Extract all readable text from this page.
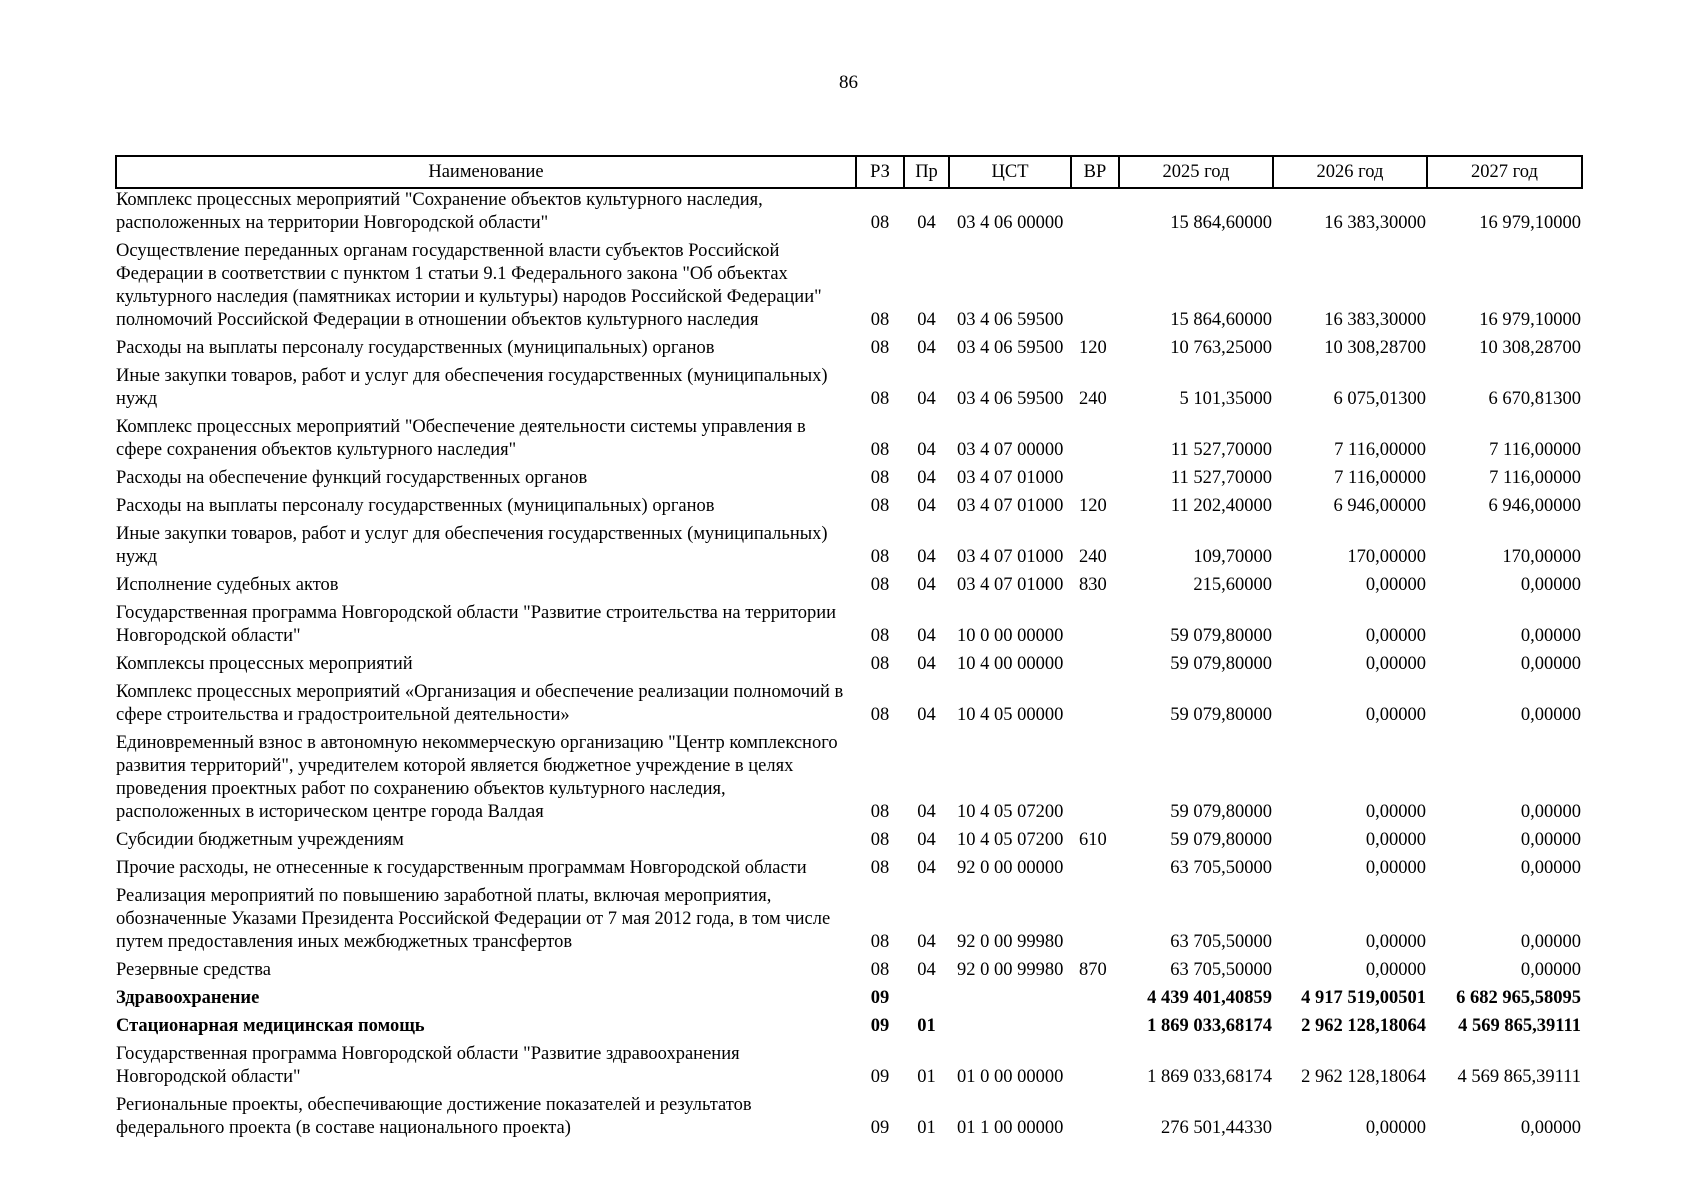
86
Наименование	РЗ	Пр	ЦСТ	ВР	2025 год	2026 год	2027 год
Комплекс процессных мероприятий "Сохранение объектов культурного наследия, расположенных на территории Новгородской области"	08	04	03 4 06 00000		15 864,60000	16 383,30000	16 979,10000
Осуществление переданных органам государственной власти субъектов Российской Федерации в соответствии с пунктом 1 статьи 9.1 Федерального закона "Об объектах культурного наследия (памятниках истории и культуры) народов Российской Федерации" полномочий Российской Федерации в отношении объектов культурного наследия	08	04	03 4 06 59500		15 864,60000	16 383,30000	16 979,10000
Расходы на выплаты персоналу государственных (муниципальных) органов	08	04	03 4 06 59500	120	10 763,25000	10 308,28700	10 308,28700
Иные закупки товаров, работ и услуг для обеспечения государственных (муниципальных) нужд	08	04	03 4 06 59500	240	5 101,35000	6 075,01300	6 670,81300
Комплекс процессных мероприятий "Обеспечение деятельности системы управления в сфере сохранения объектов культурного наследия"	08	04	03 4 07 00000		11 527,70000	7 116,00000	7 116,00000
Расходы на обеспечение функций государственных органов	08	04	03 4 07 01000		11 527,70000	7 116,00000	7 116,00000
Расходы на выплаты персоналу государственных (муниципальных) органов	08	04	03 4 07 01000	120	11 202,40000	6 946,00000	6 946,00000
Иные закупки товаров, работ и услуг для обеспечения государственных (муниципальных) нужд	08	04	03 4 07 01000	240	109,70000	170,00000	170,00000
Исполнение судебных актов	08	04	03 4 07 01000	830	215,60000	0,00000	0,00000
Государственная программа Новгородской области "Развитие строительства на территории Новгородской области"	08	04	10 0 00 00000		59 079,80000	0,00000	0,00000
Комплексы процессных мероприятий	08	04	10 4 00 00000		59 079,80000	0,00000	0,00000
Комплекс процессных мероприятий «Организация и обеспечение реализации полномочий в сфере строительства и градостроительной деятельности»	08	04	10 4 05 00000		59 079,80000	0,00000	0,00000
Единовременный взнос в автономную некоммерческую организацию "Центр комплексного развития территорий", учредителем которой является бюджетное учреждение в целях проведения проектных работ по сохранению объектов культурного наследия, расположенных в историческом центре города Валдая	08	04	10 4 05 07200		59 079,80000	0,00000	0,00000
Субсидии бюджетным учреждениям	08	04	10 4 05 07200	610	59 079,80000	0,00000	0,00000
Прочие расходы, не отнесенные к государственным программам Новгородской области	08	04	92 0 00 00000		63 705,50000	0,00000	0,00000
Реализация мероприятий по повышению заработной платы, включая мероприятия, обозначенные Указами Президента Российской Федерации от 7 мая 2012 года, в том числе путем предоставления иных межбюджетных трансфертов	08	04	92 0 00 99980		63 705,50000	0,00000	0,00000
Резервные средства	08	04	92 0 00 99980	870	63 705,50000	0,00000	0,00000
Здравоохранение	09				4 439 401,40859	4 917 519,00501	6 682 965,58095
Стационарная медицинская помощь	09	01			1 869 033,68174	2 962 128,18064	4 569 865,39111
Государственная программа Новгородской области "Развитие здравоохранения Новгородской области"	09	01	01 0 00 00000		1 869 033,68174	2 962 128,18064	4 569 865,39111
Региональные проекты, обеспечивающие достижение показателей и результатов федерального проекта (в составе национального проекта)	09	01	01 1 00 00000		276 501,44330	0,00000	0,00000
